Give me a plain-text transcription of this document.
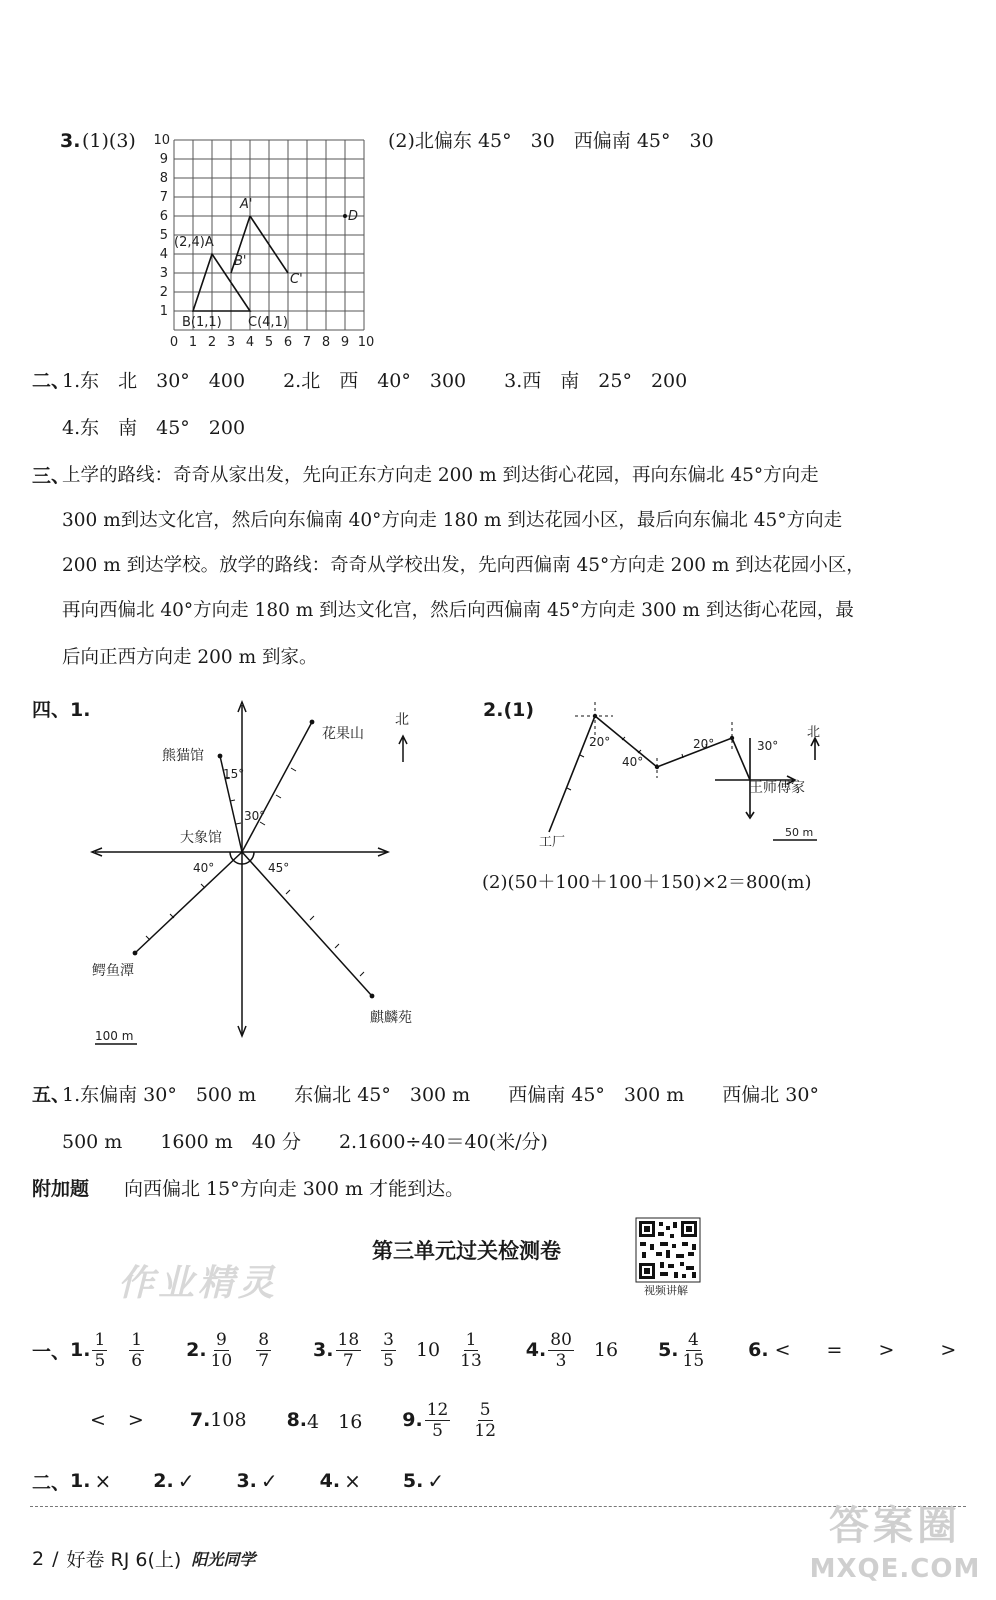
3. (1)(3)	(2)北偏东 45°　30　西偏南 45°　30
1
2
3
4
5
6
7
8
9
10
0 1 2 3 4 5 6 7 8 9 10
(2,4)A
B(1,1) C(4,1)
A'
B'
C'
D
二、
1.东　北　30°　400　　2.北　西　40°　300　　3.西　南　25°　200
4.东　南　45°　200
三、
上学的路线：奇奇从家出发，先向正东方向走 200 m 到达街心花园，再向东偏北 45°方向走
300 m到达文化宫，然后向东偏南 40°方向走 180 m 到达花园小区，最后向东偏北 45°方向走
200 m 到达学校。放学的路线：奇奇从学校出发，先向西偏南 45°方向走 200 m 到达花园小区，
再向西偏北 40°方向走 180 m 到达文化宫，然后向西偏南 45°方向走 300 m 到达街心花园，最
后向正西方向走 200 m 到家。
四、1.
熊猫馆
花果山
大象馆
鳄鱼潭
麒麟苑
北
15°
30°
40°	45°
100 m
2.(1)
20°
40°
20°	30°
王师傅家
工厂
北
50 m
(2)(50＋100＋100＋150)×2＝800(m)
五、
1.东偏南 30°　500 m　　东偏北 45°　300 m　　西偏南 45°　300 m　　西偏北 30°
500 m　　1600 m　40 分　　2.1600÷40＝40(米/分)
附加题 向西偏北 15°方向走 300 m 才能到达。
第三单元过关检测卷
视频讲解
作业精灵
一、 1. $\frac{1}{5} \frac{1}{6} 2$. $\frac{9}{10} \frac{8}{7} 3$. $\frac{18}{7} \frac{3}{5} 10 \frac{1}{13} 4$. $\frac{80}{3} 16$ 5. $\frac{4}{15} 6$. < = > >
< > 7. 108 8. 4　16 9. $\frac{12}{5} \frac{5}{12}$
二、 1. × 2. ✓ 3. ✓ 4. × 5. ✓
2 / 好卷 RJ 6(上) 阳光同学
答案圈
MXQE.COM
